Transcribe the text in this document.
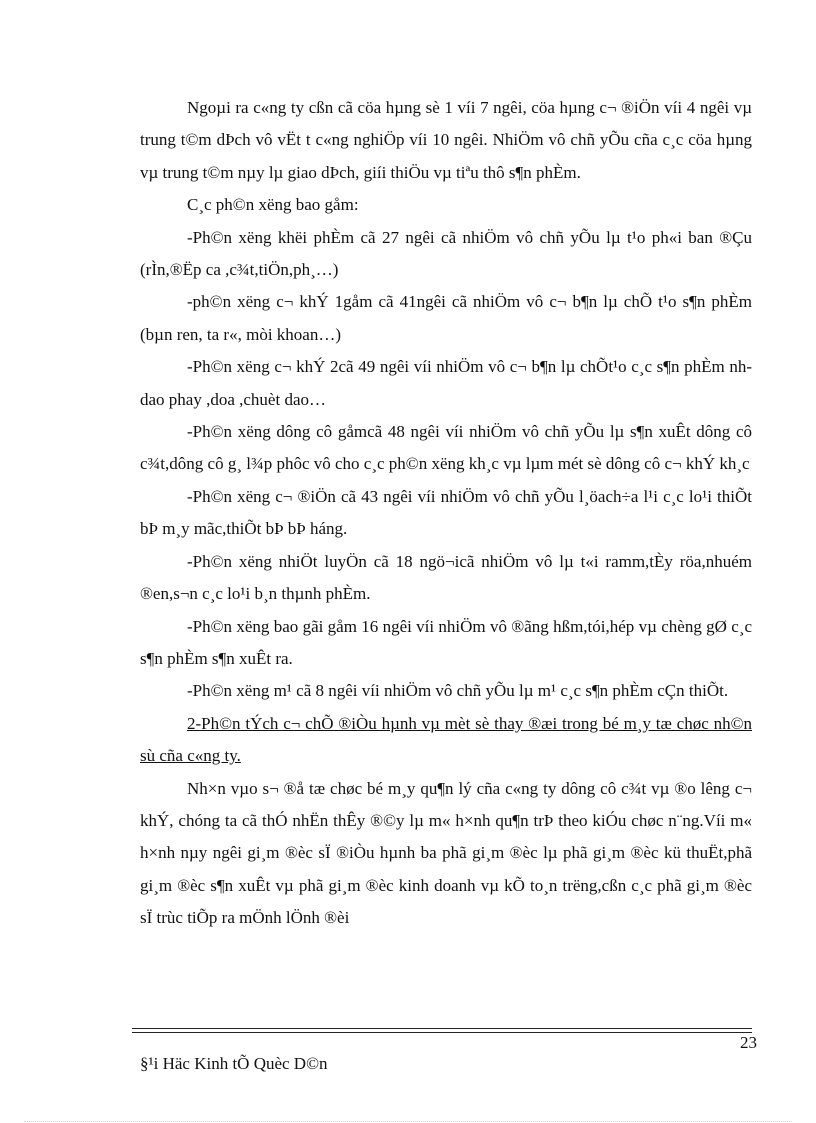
Ngoµi ra c«ng ty cßn cã cöa hµng sè 1 víi 7 ngêi, cöa hµng c¬ ®iÖn víi 4 ngêi vµ trung t©m dÞch vô vËt t c«ng nghiÖp víi 10 ngêi. NhiÖm vô chñ yÕu cña c¸c cöa hµng vµ trung t©m nµy lµ giao dÞch, giíi thiÖu vµ tiªu thô s¶n phÈm.

C¸c ph©n xëng bao gåm:

-Ph©n xëng khëi phÈm cã 27 ngêi cã nhiÖm vô chñ yÕu lµ t¹o ph«i ban ®Çu (rÌn,®Ëp ca ,c¾t,tiÖn,ph¸…)

-ph©n xëng c¬ khÝ 1gåm cã 41ngêi cã nhiÖm vô c¬ b¶n lµ chÕ t¹o s¶n phÈm (bµn ren, ta r«, mòi khoan…)

-Ph©n xëng c¬ khÝ 2cã 49 ngêi víi nhiÖm vô c¬ b¶n lµ chÕt¹o c¸c s¶n phÈm nh dao phay ,doa ,chuèt dao…

-Ph©n xëng dông cô gåmcã 48 ngêi víi nhiÖm vô chñ yÕu lµ s¶n xuÊt dông cô c¾t,dông cô g¸ l¾p phôc vô cho c¸c ph©n xëng kh¸c vµ lµm mét sè dông cô c¬ khÝ kh¸c

-Ph©n xëng c¬ ®iÖn cã 43 ngêi víi nhiÖm vô chñ yÕu l¸öach÷a l¹i c¸c lo¹i thiÕt bÞ m¸y mãc,thiÕt bÞ bÞ háng.

-Ph©n xëng nhiÖt luyÖn cã 18 ngö¬icã nhiÖm vô lµ t«i ramm,tÈy röa,nhuém ®en,s¬n c¸c lo¹i b¸n thµnh phÈm.

-Ph©n xëng bao gãi gåm 16 ngêi víi nhiÖm vô ®ãng hßm,tói,hép vµ chèng gØ c¸c s¶n phÈm s¶n xuÊt ra.

-Ph©n xëng m¹ cã 8 ngêi víi nhiÖm vô chñ yÕu lµ m¹ c¸c s¶n phÈm cÇn thiÕt.

2-Ph©n tÝch c¬ chÕ ®iÒu hµnh vµ mèt sè thay ®æi trong bé m¸y tæ chøc nh©n sù cña c«ng ty.

Nh×n vµo s¬ ®å tæ chøc bé m¸y qu¶n lý cña c«ng ty dông cô c¾t vµ ®o lêng c¬ khÝ, chóng ta cã thÓ nhËn thÊy ®©y lµ m« h×nh qu¶n trÞ theo kiÓu chøc n¨ng.Víi m« h×nh nµy ngêi gi¸m ®èc sÏ ®iÒu hµnh ba phã gi¸m ®èc lµ phã gi¸m ®èc kü thuËt,phã gi¸m ®èc s¶n xuÊt vµ phã gi¸m ®èc kinh doanh vµ kÕ to¸n trëng,cßn c¸c phã gi¸m ®èc sÏ trùc tiÕp ra mÖnh lÖnh ®èi

23
§¹i Häc Kinh tÕ Quèc D©n
